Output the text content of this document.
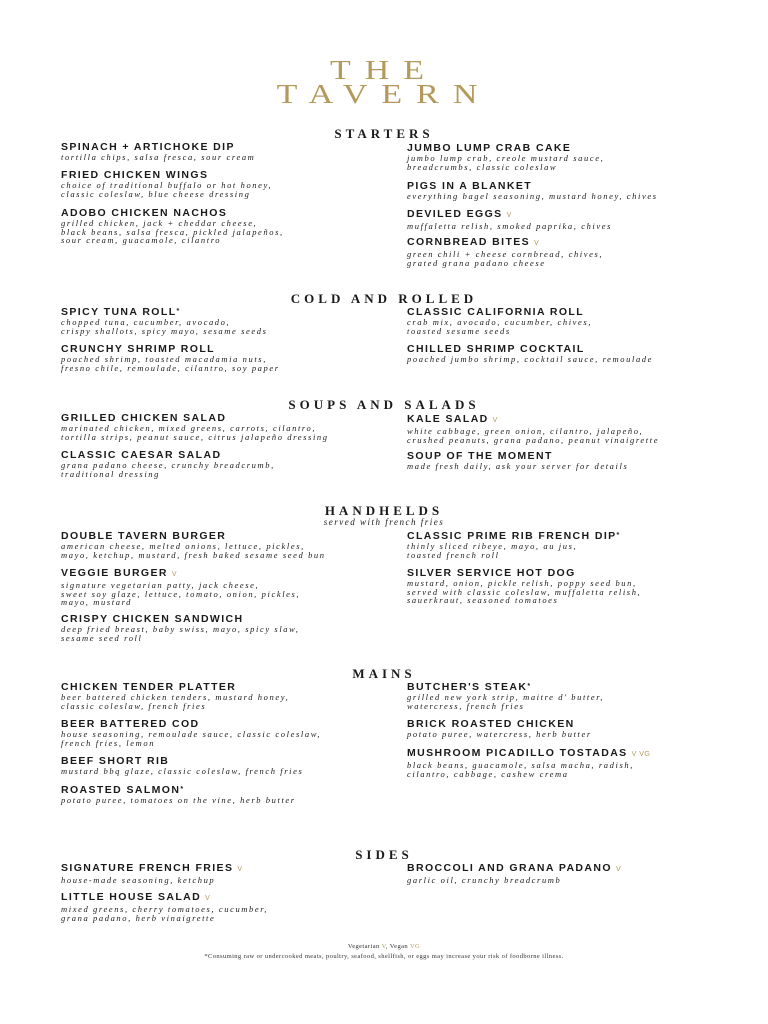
THE
TAVERN
STARTERS
SPINACH + ARTICHOKE DIP
tortilla chips, salsa fresca, sour cream
FRIED CHICKEN WINGS
choice of traditional buffalo or hot honey,
classic coleslaw, blue cheese dressing
ADOBO CHICKEN NACHOS
grilled chicken, jack + cheddar cheese,
black beans, salsa fresca, pickled jalapeños,
sour cream, guacamole, cilantro
JUMBO LUMP CRAB CAKE
jumbo lump crab, creole mustard sauce,
breadcrumbs, classic coleslaw
PIGS IN A BLANKET
everything bagel seasoning, mustard honey, chives
DEVILED EGGS V
muffaletta relish, smoked paprika, chives
CORNBREAD BITES V
green chili + cheese cornbread, chives,
grated grana padano cheese
COLD AND ROLLED
SPICY TUNA ROLL*
chopped tuna, cucumber, avocado,
crispy shallots, spicy mayo, sesame seeds
CRUNCHY SHRIMP ROLL
poached shrimp, toasted macadamia nuts,
fresno chile, remoulade, cilantro, soy paper
CLASSIC CALIFORNIA ROLL
crab mix, avocado, cucumber, chives,
toasted sesame seeds
CHILLED SHRIMP COCKTAIL
poached jumbo shrimp, cocktail sauce, remoulade
SOUPS AND SALADS
GRILLED CHICKEN SALAD
marinated chicken, mixed greens, carrots, cilantro,
tortilla strips, peanut sauce, citrus jalapeño dressing
CLASSIC CAESAR SALAD
grana padano cheese, crunchy breadcrumb,
traditional dressing
KALE SALAD V
white cabbage, green onion, cilantro, jalapeño,
crushed peanuts, grana padano, peanut vinaigrette
SOUP OF THE MOMENT
made fresh daily, ask your server for details
HANDHELDS
served with french fries
DOUBLE TAVERN BURGER
american cheese, melted onions, lettuce, pickles,
mayo, ketchup, mustard, fresh baked sesame seed bun
VEGGIE BURGER V
signature vegetarian patty, jack cheese,
sweet soy glaze, lettuce, tomato, onion, pickles,
mayo, mustard
CRISPY CHICKEN SANDWICH
deep fried breast, baby swiss, mayo, spicy slaw,
sesame seed roll
CLASSIC PRIME RIB FRENCH DIP*
thinly sliced ribeye, mayo, au jus,
toasted french roll
SILVER SERVICE HOT DOG
mustard, onion, pickle relish, poppy seed bun,
served with classic coleslaw, muffaletta relish,
sauerkraut, seasoned tomatoes
MAINS
CHICKEN TENDER PLATTER
beer battered chicken tenders, mustard honey,
classic coleslaw, french fries
BEER BATTERED COD
house seasoning, remoulade sauce, classic coleslaw,
french fries, lemon
BEEF SHORT RIB
mustard bbq glaze, classic coleslaw, french fries
ROASTED SALMON*
potato puree, tomatoes on the vine, herb butter
BUTCHER'S STEAK*
grilled new york strip, maitre d' butter,
watercress, french fries
BRICK ROASTED CHICKEN
potato puree, watercress, herb butter
MUSHROOM PICADILLO TOSTADAS V VG
black beans, guacamole, salsa macha, radish,
cilantro, cabbage, cashew crema
SIDES
SIGNATURE FRENCH FRIES V
house-made seasoning, ketchup
LITTLE HOUSE SALAD V
mixed greens, cherry tomatoes, cucumber,
grana padano, herb vinaigrette
BROCCOLI AND GRANA PADANO V
garlic oil, crunchy breadcrumb
Vegetarian V, Vegan VG
*Consuming raw or undercooked meats, poultry, seafood, shellfish, or eggs may increase your risk of foodborne illness.
